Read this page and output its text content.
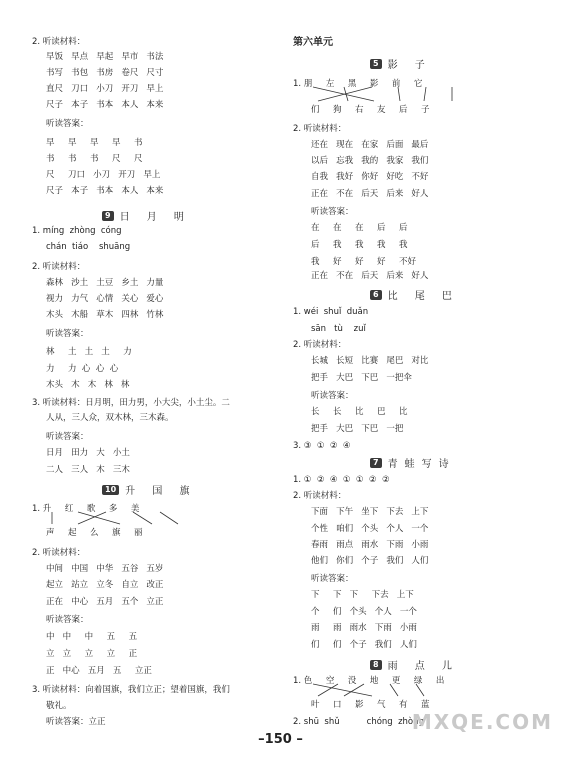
2. 听读材料：
早饭   早点   早起   早市   书法
书写   书包   书房   卷尺   尺寸
直尺   刀口   小刀   开刀   早上
尺子   本子   书本   本人   本来
听读答案：
早     早     早     早     书
书     书     书     尺     尺
尺     刀口   小刀   开刀   早上
尺子   本子   书本   本人   本来
1. míng  zhòng  cóng
chán  tiáo    shuāng
2. 听读材料：
森林   沙土   土豆   乡土   力量
视力   力气   心情   关心   爱心
木头   木船   草木   四林   竹林
听读答案：
林     土   土   土     力
力     力  心  心  心
木头   木   木   林   林
3. 听读材料：日月明，田力男，小大尖，小土尘。二
人从，三人众，双木林，三木森。
听读答案：
日月   田力   大   小土
二人   三人   木   三木
1. 升     红     歌     多     美
声     起     么     旗     丽
2. 听读材料：
中间   中国   中华   五谷   五岁
起立   站立   立冬   自立   改正
正在   中心   五月   五个   立正
听读答案：
中   中     中     五     五
立   立     立     立     正
正   中心   五月   五     立正
3. 听读材料：向着国旗，我们立正；望着国旗，我们
敬礼。
听读答案：立正
1. 朋     左     黑     影     前     它
们     狗     右     友     后     子
2. 听读材料：
还在   现在   在家   后面   最后
以后   忘我   我的   我家   我们
自我   我好   你好   好吃   不好
正在   不在   后天   后来   好人
听读答案：
在     在     在     后     后
后     我     我     我     我
我     好     好     好     不好
正在   不在   后天   后来   好人
1. wéi  shuǐ  duǎn
sān   tù    zuǐ
2. 听读材料：
长城   长短   比赛   尾巴   对比
把手   大巴   下巴   一把伞
听读答案：
长     长     比     巴     比
把手   大巴   下巴   一把
3. ③  ①  ②  ④
1. ①  ②  ④  ①  ①  ②  ②
2. 听读材料：
下面   下午   坐下   下去   上下
个性   咱们   个头   个人   一个
春雨   雨点   雨水   下雨   小雨
他们   你们   个子   我们   人们
听读答案：
下     下   下     下去   上下
个     们   个头   个人   一个
雨     雨   雨水   下雨   小雨
们     们   个子   我们   人们
1. 色     空     没     地     更     绿     出
叶     口     影     气     有     蓝
2. shū  shǔ          chóng  zhòng
第六单元
9 日 月 明
10 升 国 旗
5 影 子
6 比 尾 巴
7 青蛙写诗
8 雨 点 儿
–150 –
MXQE.COM
